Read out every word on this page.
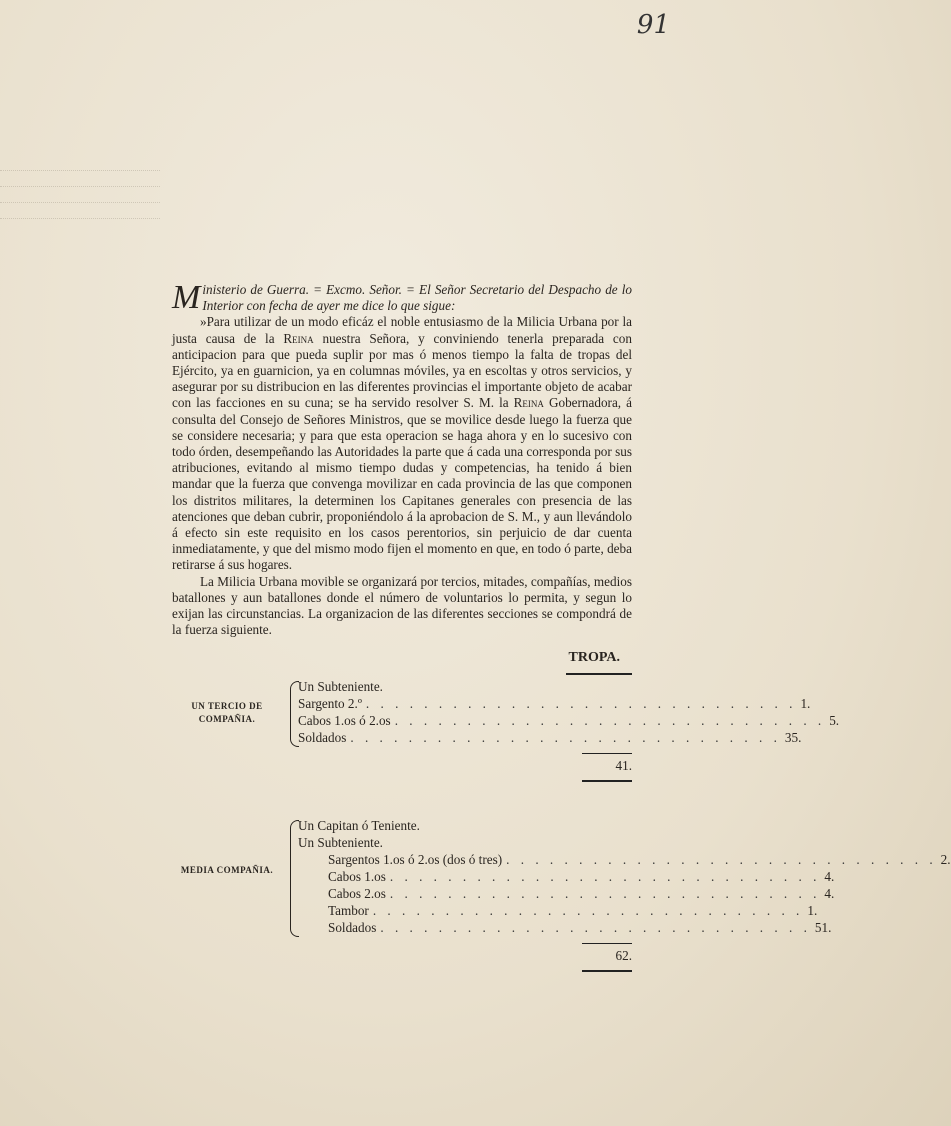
91
Ministerio de Guerra. = Excmo. Señor. = El Señor Secretario del Despacho de lo Interior con fecha de ayer me dice lo que sigue:

»Para utilizar de un modo eficáz el noble entusiasmo de la Milicia Urbana por la justa causa de la Reina nuestra Señora, y conviniendo tenerla preparada con anticipacion para que pueda suplir por mas ó menos tiempo la falta de tropas del Ejército, ya en guarnicion, ya en columnas móviles, ya en escoltas y otros servicios, y asegurar por su distribucion en las diferentes provincias el importante objeto de acabar con las facciones en su cuna; se ha servido resolver S. M. la Reina Gobernadora, á consulta del Consejo de Señores Ministros, que se movilice desde luego la fuerza que se considere necesaria; y para que esta operacion se haga ahora y en lo sucesivo con todo órden, desempeñando las Autoridades la parte que á cada una corresponda por sus atribuciones, evitando al mismo tiempo dudas y competencias, ha tenido á bien mandar que la fuerza que convenga movilizar en cada provincia de las que componen los distritos militares, la determinen los Capitanes generales con presencia de las atenciones que deban cubrir, proponiéndolo á la aprobacion de S. M., y aun llevándolo á efecto sin este requisito en los casos perentorios, sin perjuicio de dar cuenta inmediatamente, y que del mismo modo fijen el momento en que, en todo ó parte, deba retirarse á sus hogares.

La Milicia Urbana movible se organizará por tercios, mitades, compañías, medios batallones y aun batallones donde el número de voluntarios lo permita, y segun lo exijan las circunstancias. La organizacion de las diferentes secciones se compondrá de la fuerza siguiente.

TROPA.
Un Subteniente.
Sargento 2.º . . . . . . . . . . . . . . . . . . . . . . . . . . . . . . 1.
Cabos 1.os ó 2.os . . . . . . . . . . . . . . . . . . . . . . . . . . . . . . 5.
Soldados . . . . . . . . . . . . . . . . . . . . . . . . . . . . . . 35.
UN TERCIO DE COMPAÑIA.
41.
Un Capitan ó Teniente.
Un Subteniente.
Sargentos 1.os ó 2.os (dos ó tres) . . . . . . . . . . . . . . . . . . . . . . . . . . . . . . 2.
Cabos 1.os . . . . . . . . . . . . . . . . . . . . . . . . . . . . . . 4.
Cabos 2.os . . . . . . . . . . . . . . . . . . . . . . . . . . . . . . 4.
Tambor . . . . . . . . . . . . . . . . . . . . . . . . . . . . . . 1.
Soldados . . . . . . . . . . . . . . . . . . . . . . . . . . . . . . 51.
MEDIA COMPAÑIA.
62.
